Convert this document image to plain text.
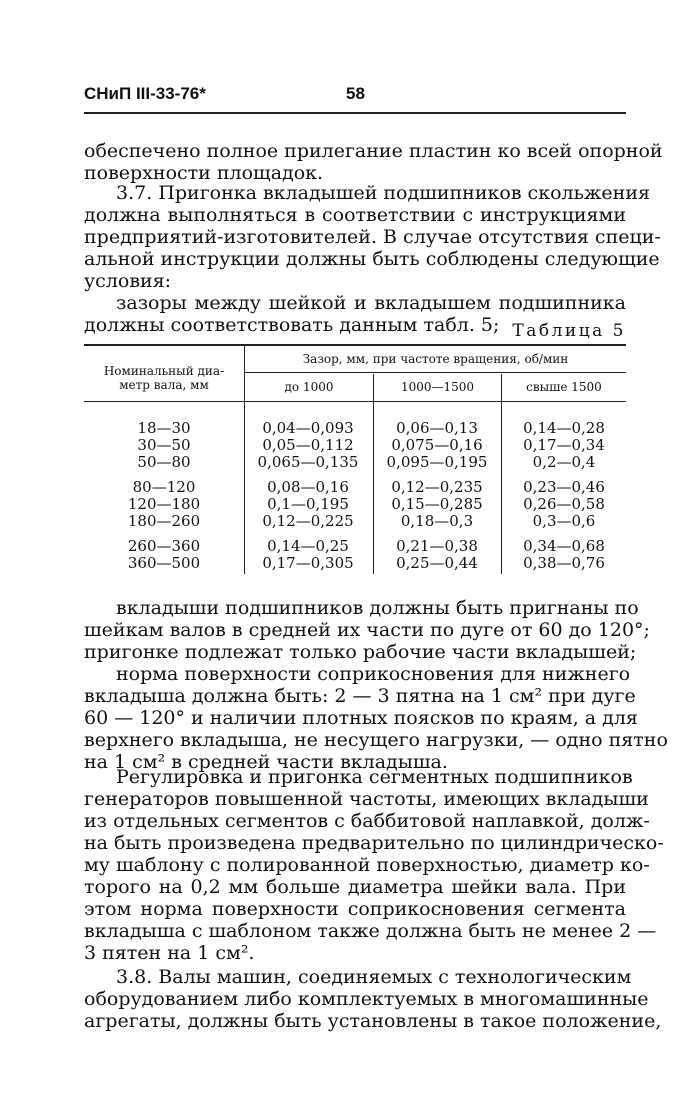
СНиП III-33-76*	58
обеспечено полное прилегание пластин ко всей опорной
поверхности площадок.
3.7. Пригонка вкладышей подшипников скольжения
должна выполняться в соответствии с инструкциями
предприятий-изготовителей. В случае отсутствия специ-
альной инструкции должны быть соблюдены следующие
условия:
зазоры между шейкой и вкладышем подшипника
должны соответствовать данным табл. 5; Таблица 5
Номинальный диа-
метр вала, мм
Зазор, мм, при частоте вращения, об/мин
до 1000	1000—1500	свыше 1500
18—30	0,04—0,093	0,06—0,13	0,14—0,28
30—50	0,05—0,112	0,075—0,16	0,17—0,34
50—80	0,065—0,135	0,095—0,195	0,2—0,4
80—120	0,08—0,16	0,12—0,235	0,23—0,46
120—180	0,1—0,195	0,15—0,285	0,26—0,58
180—260	0,12—0,225	0,18—0,3	0,3—0,6
260—360	0,14—0,25	0,21—0,38	0,34—0,68
360—500	0,17—0,305	0,25—0,44	0,38—0,76
вкладыши подшипников должны быть пригнаны по
шейкам валов в средней их части по дуге от 60 до 120°;
пригонке подлежат только рабочие части вкладышей;
норма поверхности соприкосновения для нижнего
вкладыша должна быть: 2 — 3 пятна на 1 см² при дуге
60 — 120° и наличии плотных поясков по краям, а для
верхнего вкладыша, не несущего нагрузки, — одно пятно
на 1 см² в средней части вкладыша.
Регулировка и пригонка сегментных подшипников
генераторов повышенной частоты, имеющих вкладыши
из отдельных сегментов с баббитовой наплавкой, долж-
на быть произведена предварительно по цилиндрическо-
му шаблону с полированной поверхностью, диаметр ко-
торого на 0,2 мм больше диаметра шейки вала. При
этом норма поверхности соприкосновения сегмента
вкладыша с шаблоном также должна быть не менее 2 —
3 пятен на 1 см².
3.8. Валы машин, соединяемых с технологическим
оборудованием либо комплектуемых в многомашинные
агрегаты, должны быть установлены в такое положение,
